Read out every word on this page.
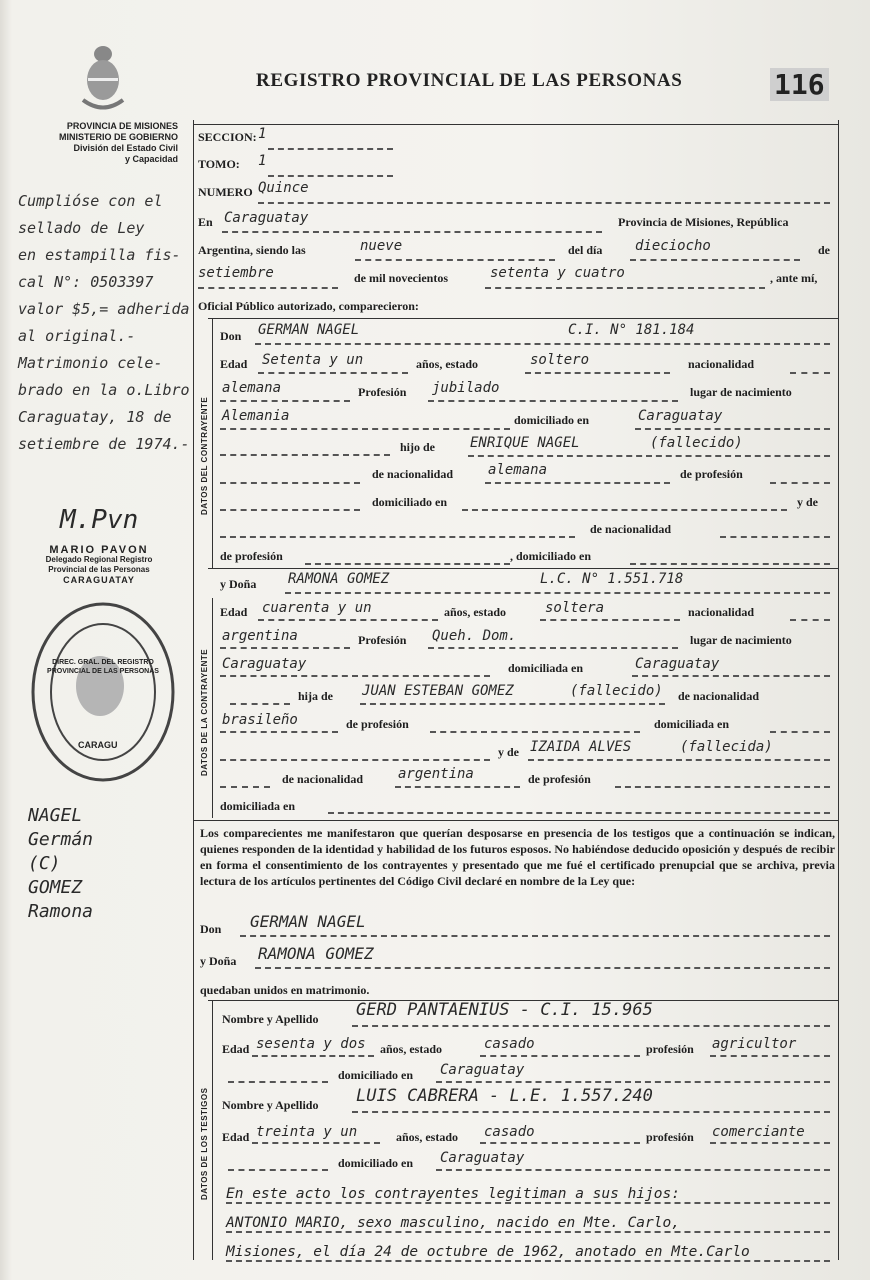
REGISTRO PROVINCIAL DE LAS PERSONAS	116
PROVINCIA DE MISIONES
MINISTERIO DE GOBIERNO
División del Estado Civil
y Capacidad
Cumplióse con el
sellado de Ley
en estampilla fis-
cal N°: 0503397
valor $5,= adherida
al original.-
Matrimonio cele-
brado en la o.Libro
Caraguatay, 18 de
setiembre de 1974.-
M.Pvn
MARIO PAVON
Delegado Regional Registro
Provincial de las Personas
CARAGUATAY
DIREC. GRAL. DEL REGISTRO PROVINCIAL DE LAS PERSONAS
CARAGU
NAGEL
Germán
(C)
GOMEZ
Ramona
SECCION: 1
TOMO: 1
NUMERO Quince
En Caraguatay	Provincia de Misiones, República
Argentina, siendo las	nueve	del día dieciocho	de
setiembre	de mil novecientos	setenta y cuatro	, ante mí,
Oficial Público autorizado, comparecieron:
DATOS DEL CONTRAYENTE
Don GERMAN NAGEL	C.I. N° 181.184
Edad Setenta y un	años, estado	soltero	nacionalidad
alemana	Profesión jubilado	lugar de nacimiento
Alemania	domiciliado en	Caraguatay
hijo de ENRIQUE NAGEL	(fallecido)
de nacionalidad alemana	de profesión
domiciliado en	y de
de nacionalidad
de profesión	, domiciliado en
y Doña RAMONA GOMEZ	L.C. N° 1.551.718
DATOS DE LA CONTRAYENTE
Edad cuarenta y un	años, estado	soltera	nacionalidad
argentina	Profesión Queh. Dom.	lugar de nacimiento
Caraguatay	domiciliada en	Caraguatay
hija de JUAN ESTEBAN GOMEZ	(fallecido) de nacionalidad
brasileño	de profesión	domiciliada en
y de IZAIDA ALVES	(fallecida)
de nacionalidad argentina	de profesión
domiciliada en
Los comparecientes me manifestaron que querían desposarse en presencia de los testigos que a continuación se indican, quienes responden de la identidad y habilidad de los futuros esposos. No habiéndose deducido oposición y después de recibir en forma el consentimiento de los contrayentes y presentado que me fué el certificado prenupcial que se archiva, previa lectura de los artículos pertinentes del Código Civil declaré en nombre de la Ley que:
Don GERMAN NAGEL
y Doña RAMONA GOMEZ
quedaban unidos en matrimonio.
DATOS DE LOS TESTIGOS
Nombre y Apellido GERD PANTAENIUS - C.I. 15.965
Edad sesenta y dos años, estado	casado	profesión agricultor
domiciliado en Caraguatay
Nombre y Apellido LUIS CABRERA - L.E. 1.557.240
Edad treinta y un	años, estado casado	profesión comerciante
domiciliado en Caraguatay
En este acto los contrayentes legitiman a sus hijos:
ANTONIO MARIO, sexo masculino, nacido en Mte. Carlo,
Misiones, el día 24 de octubre de 1962, anotado en Mte.Carlo
